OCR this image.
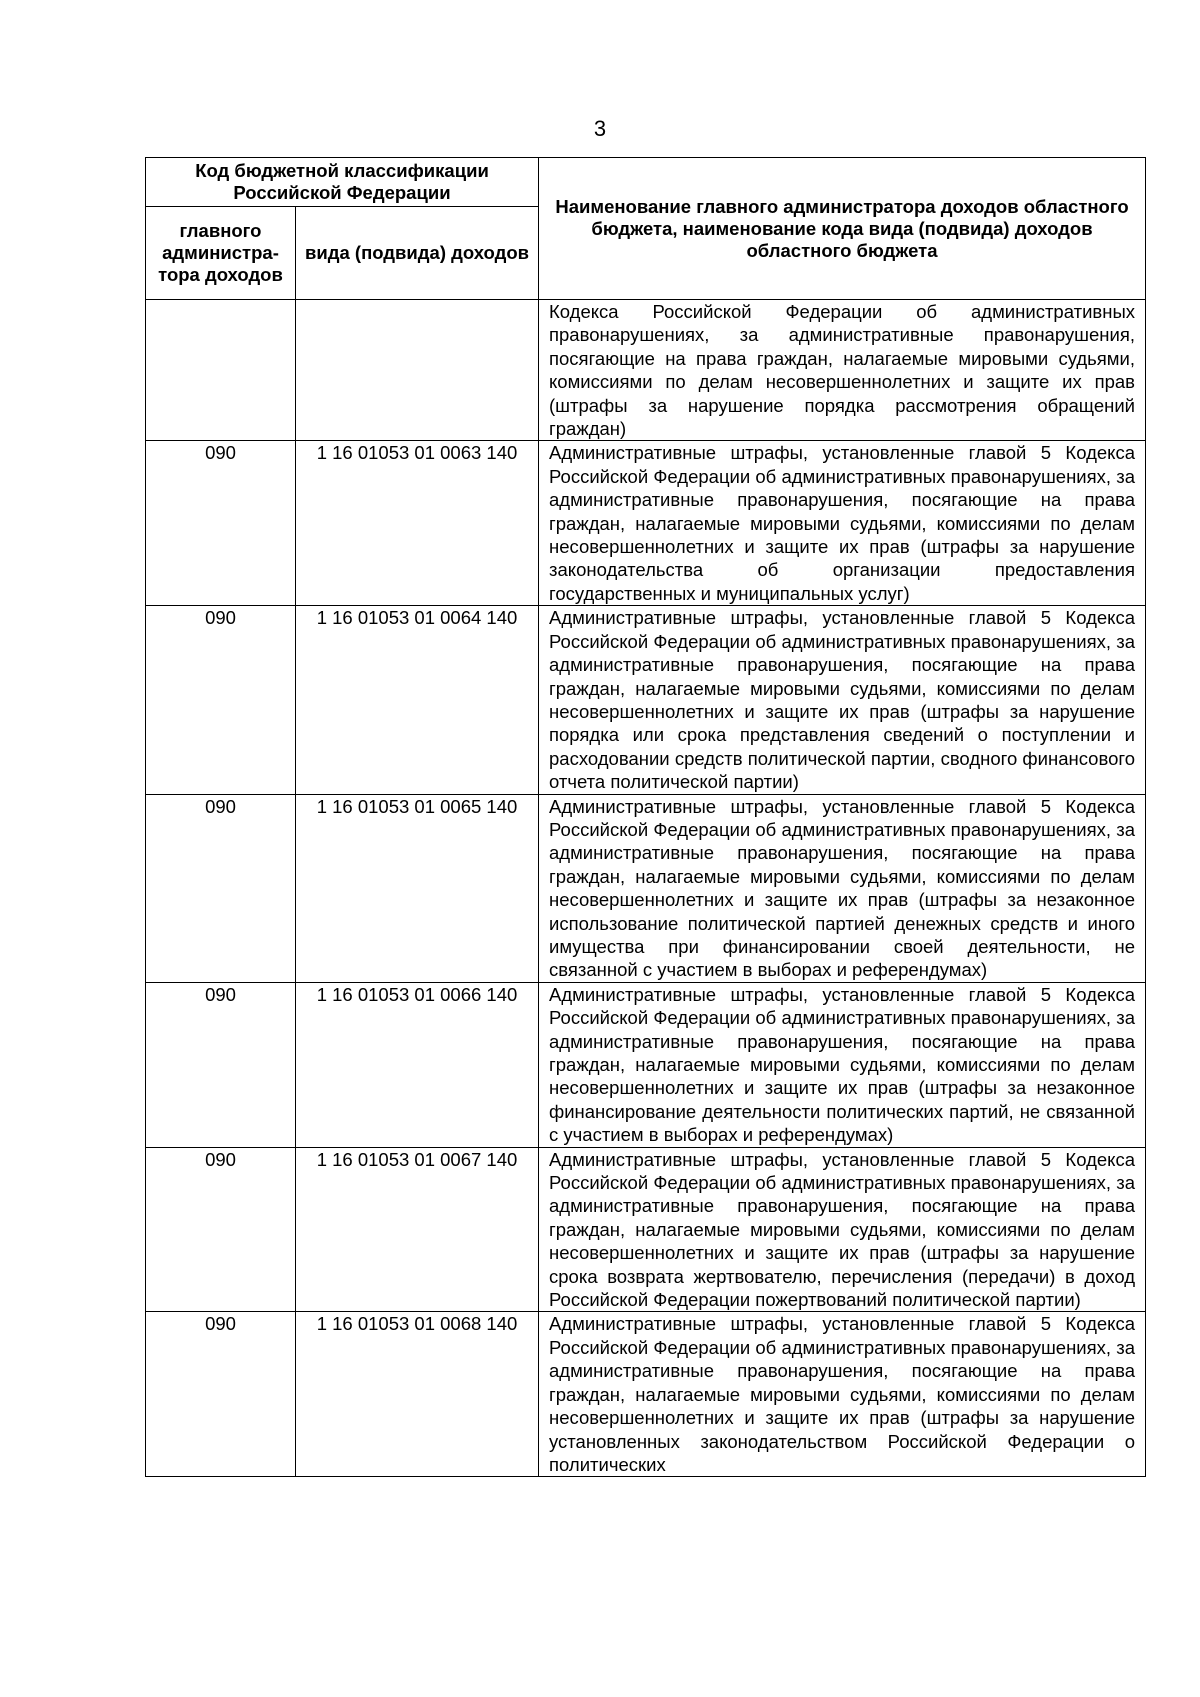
3
Код бюджетной классификации Российской Федерации		Наименование главного администратора доходов областного бюджета, наименование кода вида (подвида) доходов областного бюджета
главного администра-тора доходов	вида (подвида) доходов	
		Кодекса Российской Федерации об административных правонарушениях, за административные правонарушения, посягающие на права граждан, налагаемые мировыми судьями, комиссиями по делам несовершеннолетних и защите их прав (штрафы за нарушение порядка рассмотрения обращений граждан)
090	1 16 01053 01 0063 140	Административные штрафы, установленные главой 5 Кодекса Российской Федерации об административных правонарушениях, за административные правонарушения, посягающие на права граждан, налагаемые мировыми судьями, комиссиями по делам несовершеннолетних и защите их прав (штрафы за нарушение законодательства об организации предоставления государственных и муниципальных услуг)
090	1 16 01053 01 0064 140	Административные штрафы, установленные главой 5 Кодекса Российской Федерации об административных правонарушениях, за административные правонарушения, посягающие на права граждан, налагаемые мировыми судьями, комиссиями по делам несовершеннолетних и защите их прав (штрафы за нарушение порядка или срока представления сведений о поступлении и расходовании средств политической партии, сводного финансового отчета политической партии)
090	1 16 01053 01 0065 140	Административные штрафы, установленные главой 5 Кодекса Российской Федерации об административных правонарушениях, за административные правонарушения, посягающие на права граждан, налагаемые мировыми судьями, комиссиями по делам несовершеннолетних и защите их прав (штрафы за незаконное использование политической партией денежных средств и иного имущества при финансировании своей деятельности, не связанной с участием в выборах и референдумах)
090	1 16 01053 01 0066 140	Административные штрафы, установленные главой 5 Кодекса Российской Федерации об административных правонарушениях, за административные правонарушения, посягающие на права граждан, налагаемые мировыми судьями, комиссиями по делам несовершеннолетних и защите их прав (штрафы за незаконное финансирование деятельности политических партий, не связанной с участием в выборах и референдумах)
090	1 16 01053 01 0067 140	Административные штрафы, установленные главой 5 Кодекса Российской Федерации об административных правонарушениях, за административные правонарушения, посягающие на права граждан, налагаемые мировыми судьями, комиссиями по делам несовершеннолетних и защите их прав (штрафы за нарушение срока возврата жертвователю, перечисления (передачи) в доход Российской Федерации пожертвований политической партии)
090	1 16 01053 01 0068 140	Административные штрафы, установленные главой 5 Кодекса Российской Федерации об административных правонарушениях, за административные правонарушения, посягающие на права граждан, налагаемые мировыми судьями, комиссиями по делам несовершеннолетних и защите их прав (штрафы за нарушение установленных законодательством Российской Федерации о политических
